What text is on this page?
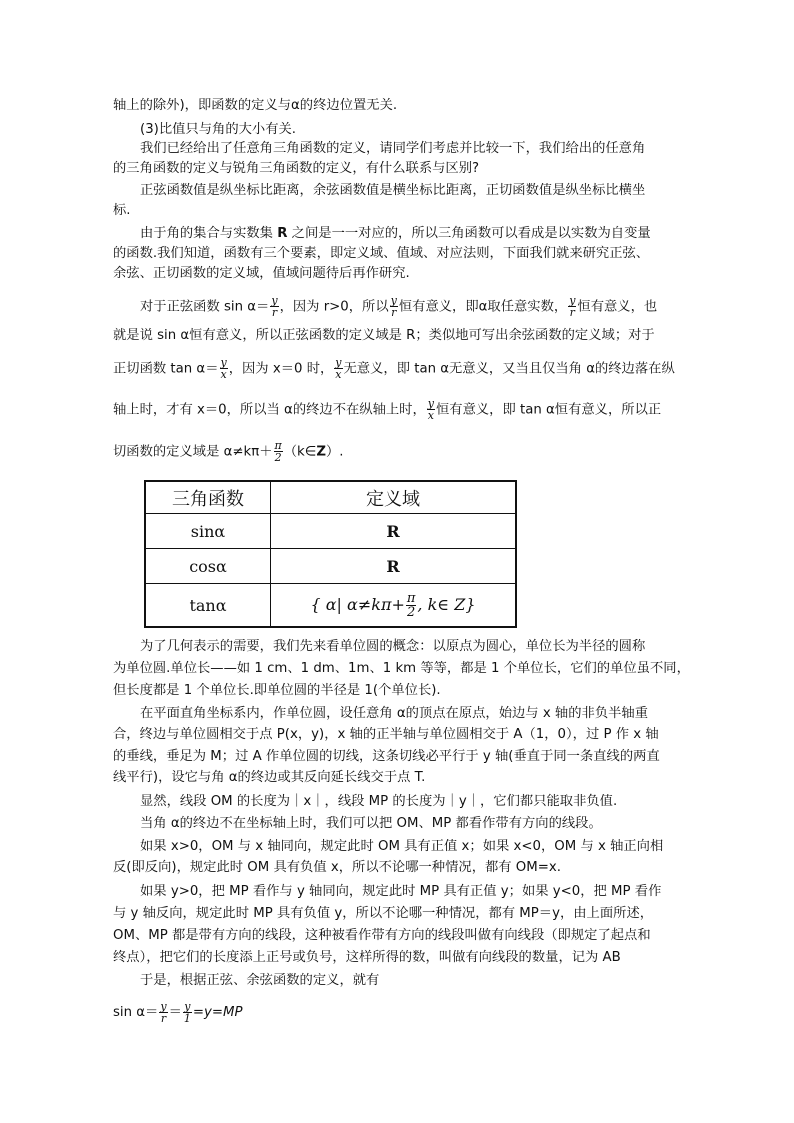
轴上的除外)，即函数的定义与α的终边位置无关.
(3)比值只与角的大小有关.
我们已经给出了任意角三角函数的定义，请同学们考虑并比较一下，我们给出的任意角
的三角函数的定义与锐角三角函数的定义，有什么联系与区别?
正弦函数值是纵坐标比距离，余弦函数值是横坐标比距离，正切函数值是纵坐标比横坐
标.
由于角的集合与实数集 R 之间是一一对应的，所以三角函数可以看成是以实数为自变量
的函数.我们知道，函数有三个要素，即定义域、值域、对应法则，下面我们就来研究正弦、
余弦、正切函数的定义域，值域问题待后再作研究.
对于正弦函数 $\sin \alpha= \frac{y}{r}$ ，因为 r>0，所以 $\frac{y}{r}$ 恒有意义，即α取任意实数， $\frac{y}{r}$ 恒有意义，也
就是说 sin α恒有意义，所以正弦函数的定义域是 R；类似地可写出余弦函数的定义域；对于
正切函数 $\tan \alpha= \frac{y}{x}$ ，因为 x＝0 时， $\frac{y}{x}$ 无意义，即 tan α无意义，又当且仅当角 α的终边落在纵
轴上时，才有 x＝0，所以当 α的终边不在纵轴上时， $\frac{y}{x}$ 恒有意义，即 tan α恒有意义，所以正
切函数的定义域是 $\alpha\ne k\pi+ \frac{\pi}{2}$ （k∈Z）.
三角函数	定义域
sinα	R
cosα	R
tanα	{ α| $\alpha\ne k\pi+ \frac{\pi}{2}$ , k∈ Z}
为了几何表示的需要，我们先来看单位圆的概念：以原点为圆心，单位长为半径的圆称
为单位圆.单位长——如 1 cm、1 dm、1m、1 km 等等，都是 1 个单位长，它们的单位虽不同，
但长度都是 1 个单位长.即单位圆的半径是 1(个单位长).
在平面直角坐标系内，作单位圆，设任意角 α的顶点在原点，始边与 x 轴的非负半轴重
合，终边与单位圆相交于点 P(x，y)，x 轴的正半轴与单位圆相交于 A（1，0），过 P 作 x 轴
的垂线，垂足为 M；过 A 作单位圆的切线，这条切线必平行于 y 轴(垂直于同一条直线的两直
线平行)，设它与角 α的终边或其反向延长线交于点 T.
显然，线段 OM 的长度为｜x｜，线段 MP 的长度为｜y｜，它们都只能取非负值.
当角 α的终边不在坐标轴上时，我们可以把 OM、MP 都看作带有方向的线段。
如果 x>0，OM 与 x 轴同向，规定此时 OM 具有正值 x；如果 x<0，OM 与 x 轴正向相
反(即反向)，规定此时 OM 具有负值 x，所以不论哪一种情况，都有 OM=x.
如果 y>0，把 MP 看作与 y 轴同向，规定此时 MP 具有正值 y；如果 y<0，把 MP 看作
与 y 轴反向，规定此时 MP 具有负值 y，所以不论哪一种情况，都有 MP＝y，由上面所述，
OM、MP 都是带有方向的线段，这种被看作带有方向的线段叫做有向线段（即规定了起点和
终点），把它们的长度添上正号或负号，这样所得的数，叫做有向线段的数量，记为 AB
于是，根据正弦、余弦函数的定义，就有
$\sin \alpha= \frac{y}{r} = \frac{y}{1} =y=MP$
